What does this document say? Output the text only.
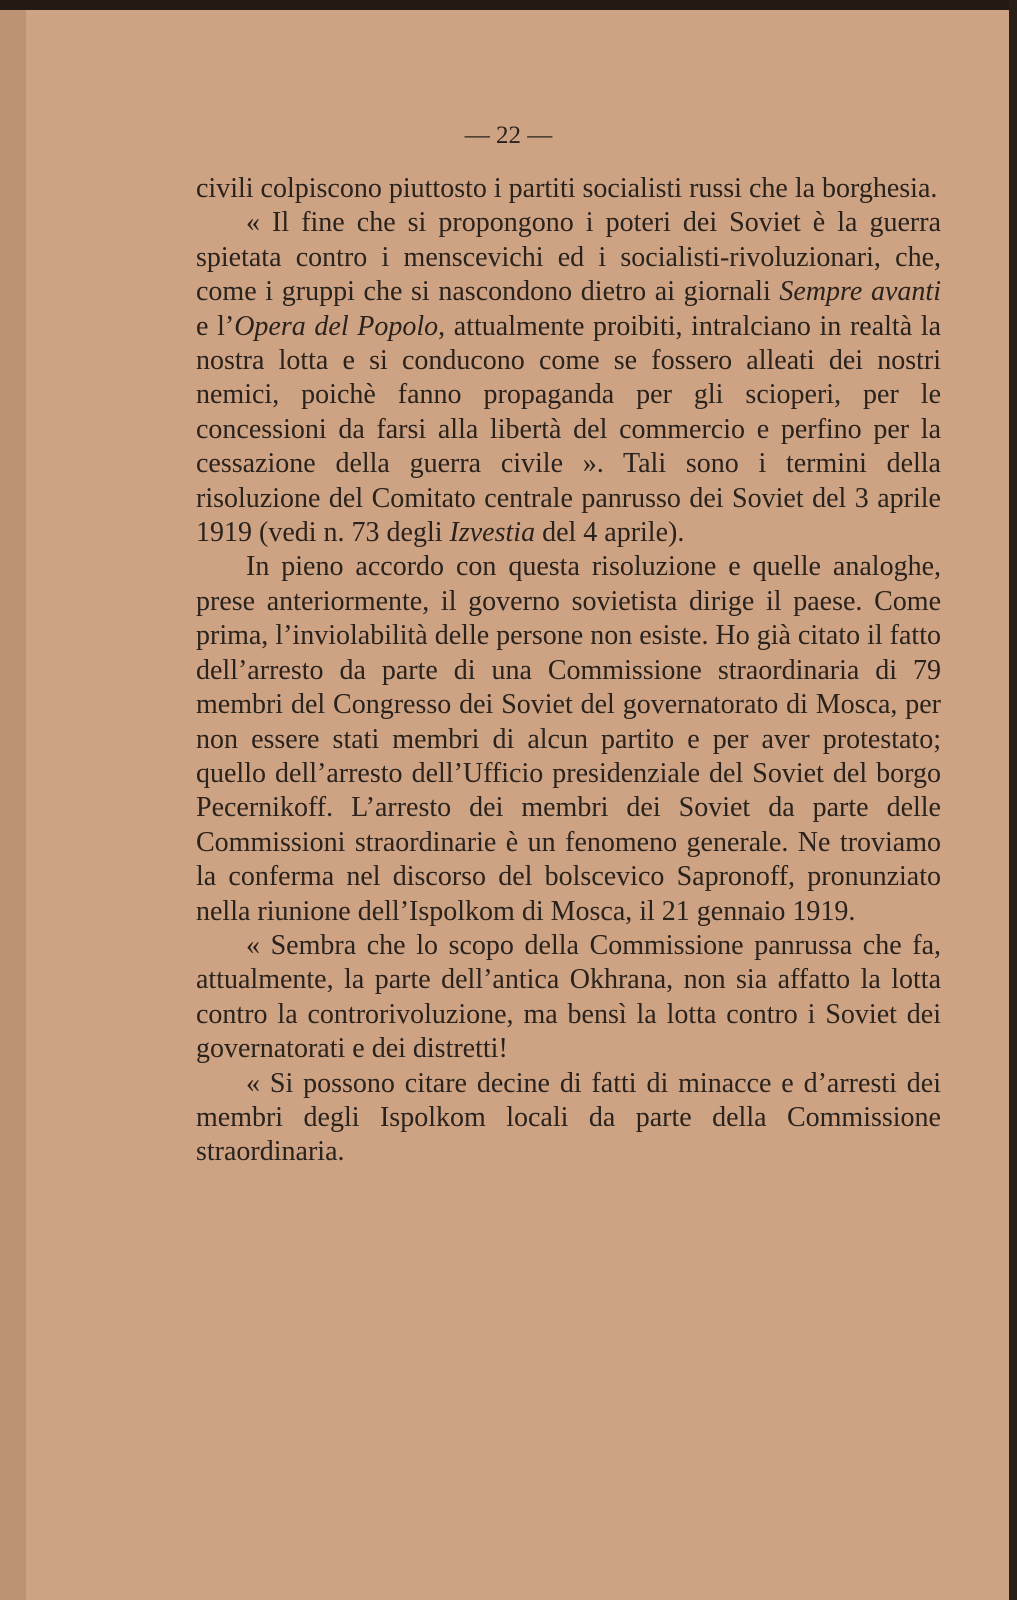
— 22 —

civili colpiscono piuttosto i partiti socialisti russi che la borghesia.

« Il fine che si propongono i poteri dei Soviet è la guerra spietata contro i menscevichi ed i socialisti-rivoluzionari, che, come i gruppi che si nascondono dietro ai giornali Sempre avanti e l’Opera del Popolo, attualmente proibiti, intralciano in realtà la nostra lotta e si conducono come se fossero alleati dei nostri nemici, poichè fanno propaganda per gli scioperi, per le concessioni da farsi alla libertà del commercio e perfino per la cessazione della guerra civile ». Tali sono i termini della risoluzione del Comitato centrale panrusso dei Soviet del 3 aprile 1919 (vedi n. 73 degli Izvestia del 4 aprile).

In pieno accordo con questa risoluzione e quelle analoghe, prese anteriormente, il governo sovietista dirige il paese. Come prima, l’inviolabilità delle persone non esiste. Ho già citato il fatto dell’arresto da parte di una Commissione straordinaria di 79 membri del Congresso dei Soviet del governatorato di Mosca, per non essere stati membri di alcun partito e per aver protestato; quello dell’arresto dell’Ufficio presidenziale del Soviet del borgo Pecernikoff. L’arresto dei membri dei Soviet da parte delle Commissioni straordinarie è un fenomeno generale. Ne troviamo la conferma nel discorso del bolscevico Sapronoff, pronunziato nella riunione dell’Ispolkom di Mosca, il 21 gennaio 1919.

« Sembra che lo scopo della Commissione panrussa che fa, attualmente, la parte dell’antica Okhrana, non sia affatto la lotta contro la controrivoluzione, ma bensì la lotta contro i Soviet dei governatorati e dei distretti!

« Si possono citare decine di fatti di minacce e d’arresti dei membri degli Ispolkom locali da parte della Commissione straordinaria.
